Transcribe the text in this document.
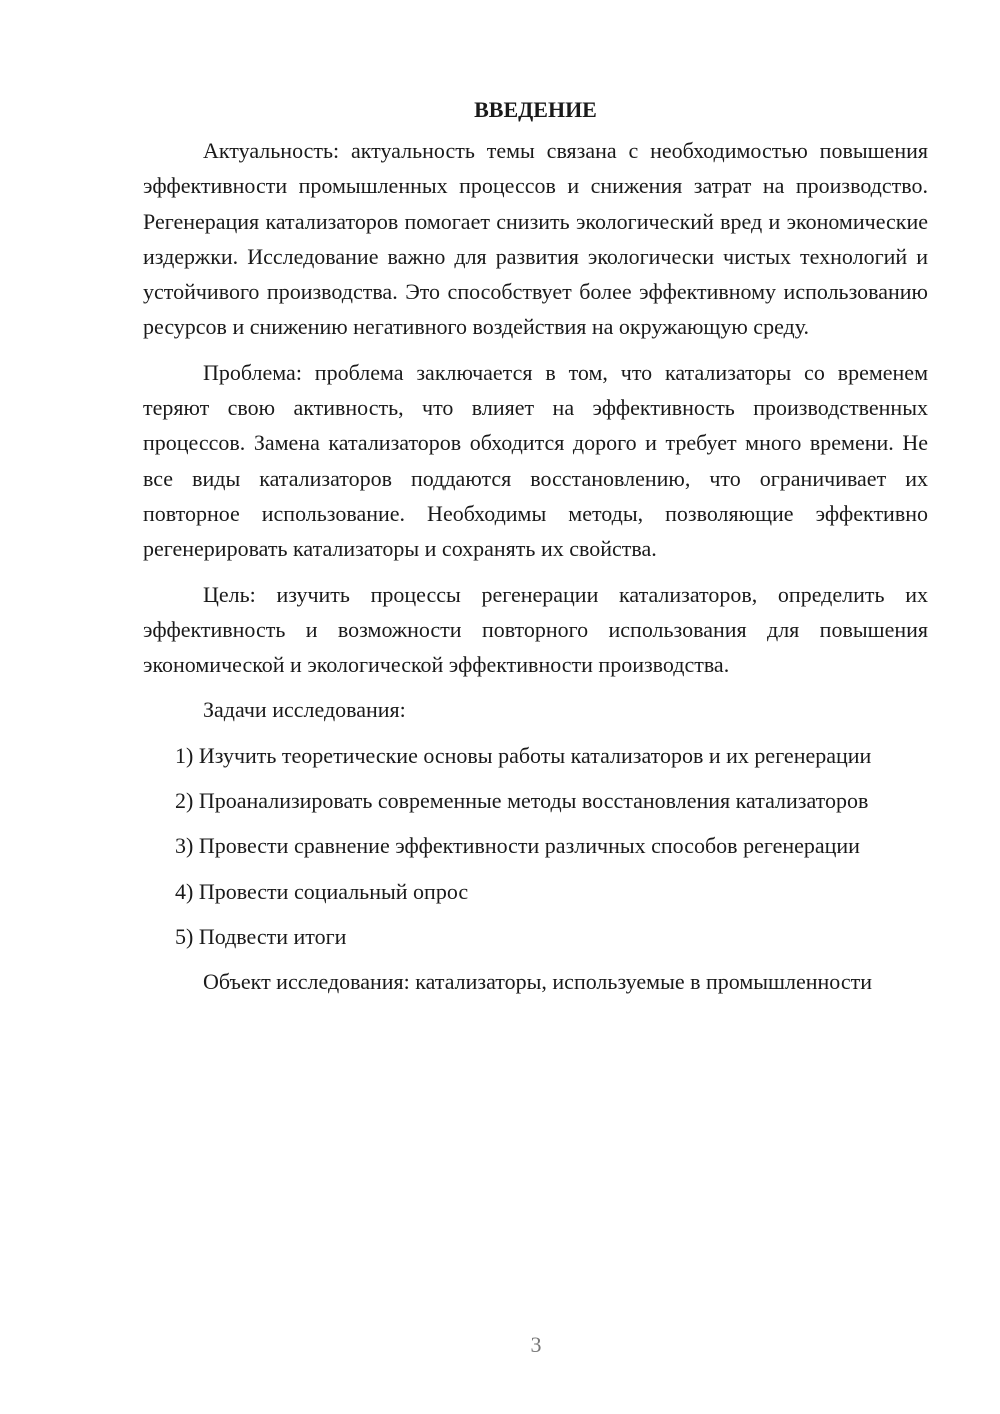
ВВЕДЕНИЕ

Актуальность: актуальность темы связана с необходимостью повышения эффективности промышленных процессов и снижения затрат на производство. Регенерация катализаторов помогает снизить экологический вред и экономические издержки. Исследование важно для развития экологически чистых технологий и устойчивого производства. Это способствует более эффективному использованию ресурсов и снижению негативного воздействия на окружающую среду.

Проблема: проблема заключается в том, что катализаторы со временем теряют свою активность, что влияет на эффективность производственных процессов. Замена катализаторов обходится дорого и требует много времени. Не все виды катализаторов поддаются восстановлению, что ограничивает их повторное использование. Необходимы методы, позволяющие эффективно регенерировать катализаторы и сохранять их свойства.

Цель: изучить процессы регенерации катализаторов, определить их эффективность и возможности повторного использования для повышения экономической и экологической эффективности производства.

Задачи исследования:

1) Изучить теоретические основы работы катализаторов и их регенерации

2) Проанализировать современные методы восстановления катализаторов

3) Провести сравнение эффективности различных способов регенерации

4) Провести социальный опрос

5) Подвести итоги

Объект исследования: катализаторы, используемые в промышленности

3
